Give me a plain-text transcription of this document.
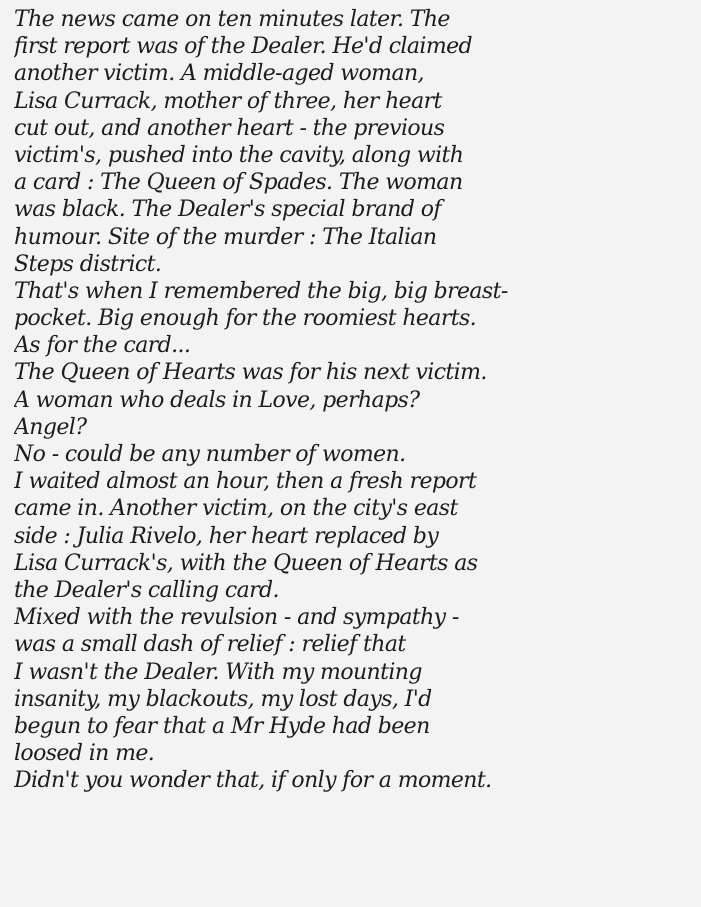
The news came on ten minutes later. The
first report was of the Dealer. He'd claimed
another victim. A middle-aged woman,
Lisa Currack, mother of three, her heart
cut out, and another heart - the previous
victim's, pushed into the cavity, along with
a card : The Queen of Spades. The woman
was black. The Dealer's special brand of
humour. Site of the murder : The Italian
Steps district.
That's when I remembered the big, big breast-
pocket. Big enough for the roomiest hearts.
As for the card...
The Queen of Hearts was for his next victim.
A woman who deals in Love, perhaps?
Angel?
No - could be any number of women.
I waited almost an hour, then a fresh report
came in. Another victim, on the city's east
side : Julia Rivelo, her heart replaced by
Lisa Currack's, with the Queen of Hearts as
the Dealer's calling card.
Mixed with the revulsion - and sympathy -
was a small dash of relief : relief that
I wasn't the Dealer. With my mounting
insanity, my blackouts, my lost days, I'd
begun to fear that a Mr Hyde had been
loosed in me.
Didn't you wonder that, if only for a moment.
